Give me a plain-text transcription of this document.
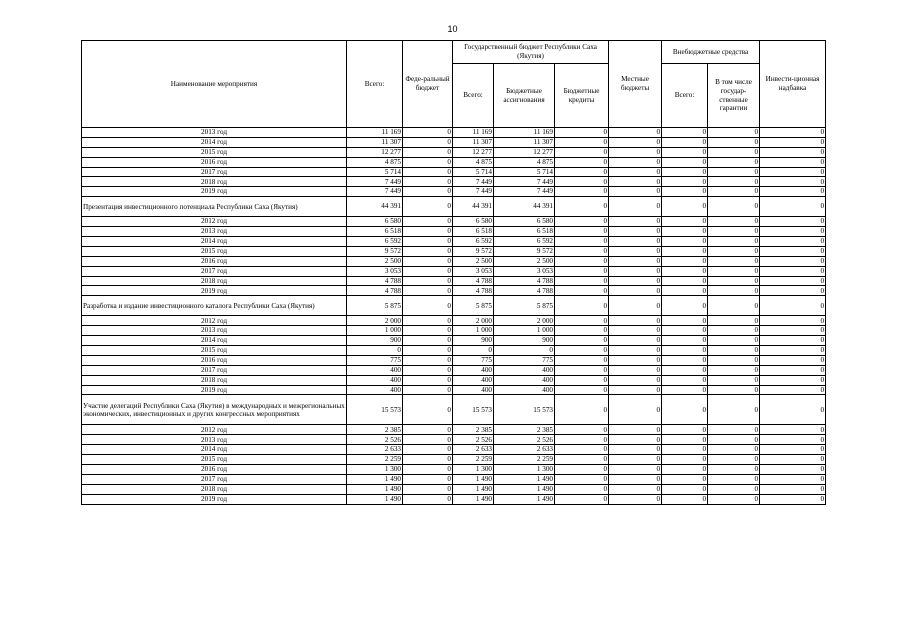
10
Наименование мероприятия	Всего:	Феде-ральный бюджет	Государственный бюджет Республики Саха (Якутия)			Местные бюджеты	Внебюджетные средства		Инвести-ционная надбавка
			Всего:	Бюджетные ассигнования	Бюджетные кредиты		Всего:	В том числе государ-ственные гарантии	

2013 год	11 169	0	11 169	11 169	0	0	0	0	0
2014 год	11 307	0	11 307	11 307	0	0	0	0	0
2015 год	12 277	0	12 277	12 277	0	0	0	0	0
2016 год	4 875	0	4 875	4 875	0	0	0	0	0
2017 год	5 714	0	5 714	5 714	0	0	0	0	0
2018 год	7 449	0	7 449	7 449	0	0	0	0	0
2019 год	7 449	0	7 449	7 449	0	0	0	0	0
Презентация инвестиционного потенциала Республики Саха (Якутия)	44 391	0	44 391	44 391	0	0	0	0	0
2012 год	6 580	0	6 580	6 580	0	0	0	0	0
2013 год	6 518	0	6 518	6 518	0	0	0	0	0
2014 год	6 592	0	6 592	6 592	0	0	0	0	0
2015 год	9 572	0	9 572	9 572	0	0	0	0	0
2016 год	2 500	0	2 500	2 500	0	0	0	0	0
2017 год	3 053	0	3 053	3 053	0	0	0	0	0
2018 год	4 788	0	4 788	4 788	0	0	0	0	0
2019 год	4 788	0	4 788	4 788	0	0	0	0	0
Разработка и издание инвестиционного каталога Республики Саха (Якутия)	5 875	0	5 875	5 875	0	0	0	0	0
2012 год	2 000	0	2 000	2 000	0	0	0	0	0
2013 год	1 000	0	1 000	1 000	0	0	0	0	0
2014 год	900	0	900	900	0	0	0	0	0
2015 год	0	0	0	0	0	0	0	0	0
2016 год	775	0	775	775	0	0	0	0	0
2017 год	400	0	400	400	0	0	0	0	0
2018 год	400	0	400	400	0	0	0	0	0
2019 год	400	0	400	400	0	0	0	0	0
Участие делегаций Республики Саха (Якутия) в международных и межрегиональных экономических, инвестиционных и других конгрессных мероприятиях	15 573	0	15 573	15 573	0	0	0	0	0
2012 год	2 385	0	2 385	2 385	0	0	0	0	0
2013 год	2 526	0	2 526	2 526	0	0	0	0	0
2014 год	2 633	0	2 633	2 633	0	0	0	0	0
2015 год	2 259	0	2 259	2 259	0	0	0	0	0
2016 год	1 300	0	1 300	1 300	0	0	0	0	0
2017 год	1 490	0	1 490	1 490	0	0	0	0	0
2018 год	1 490	0	1 490	1 490	0	0	0	0	0
2019 год	1 490	0	1 490	1 490	0	0	0	0	0
